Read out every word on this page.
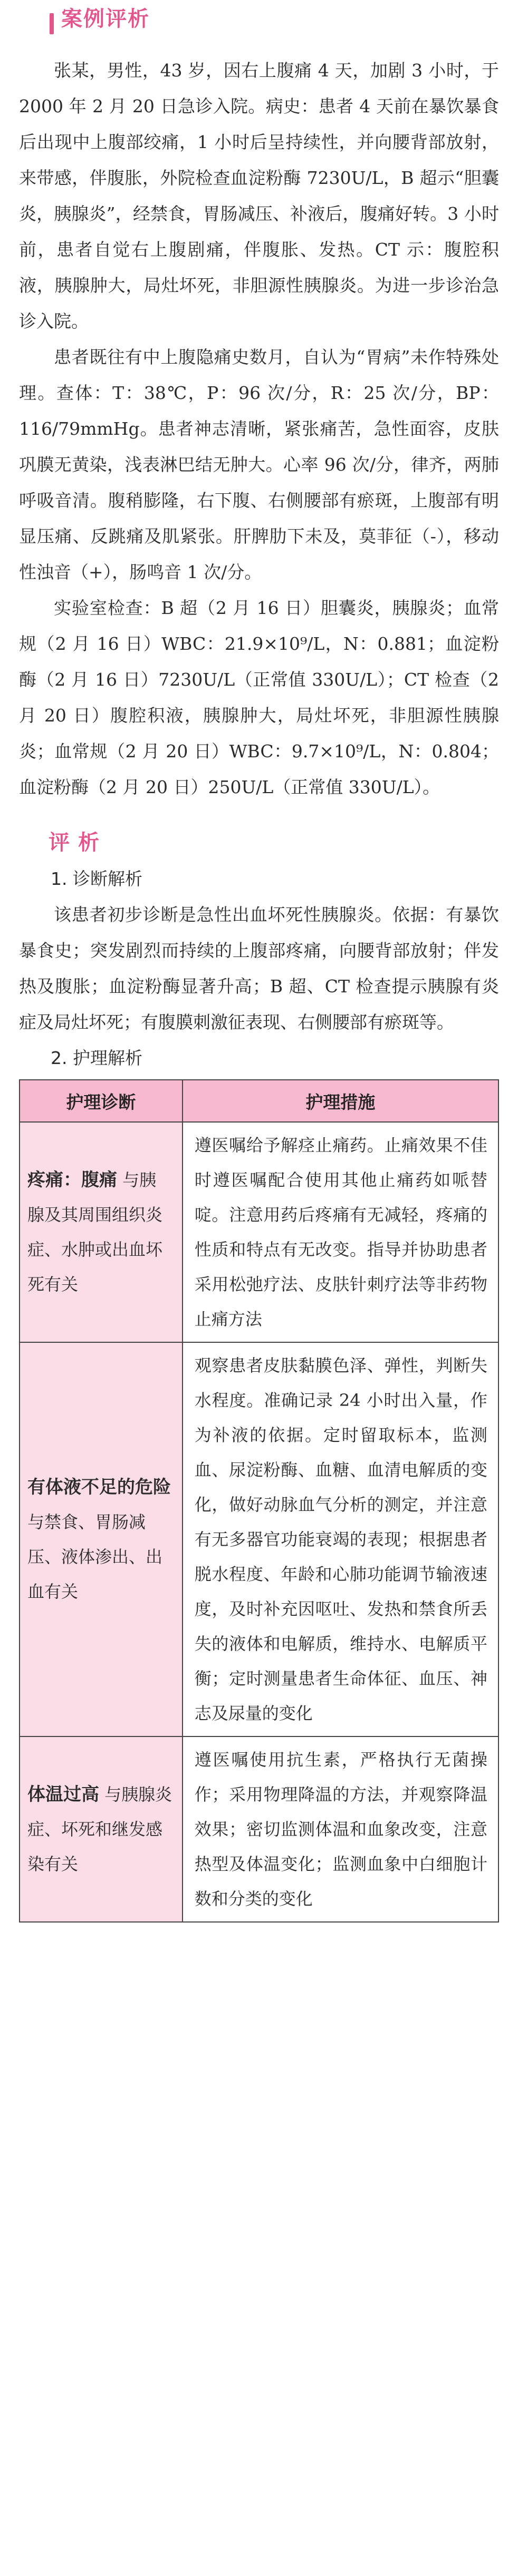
案例评析

张某，男性，43 岁，因右上腹痛 4 天，加剧 3 小时，于 2000 年 2 月 20 日急诊入院。病史：患者 4 天前在暴饮暴食后出现中上腹部绞痛，1 小时后呈持续性，并向腰背部放射，来带感，伴腹胀，外院检查血淀粉酶 7230U/L，B 超示“胆囊炎，胰腺炎”，经禁食，胃肠减压、补液后，腹痛好转。3 小时前，患者自觉右上腹剧痛，伴腹胀、发热。CT 示：腹腔积液，胰腺肿大，局灶坏死，非胆源性胰腺炎。为进一步诊治急诊入院。

患者既往有中上腹隐痛史数月，自认为“胃病”未作特殊处理。查体：T：38℃，P：96 次/分，R：25 次/分，BP：116/79mmHg。患者神志清晰，紧张痛苦，急性面容，皮肤巩膜无黄染，浅表淋巴结无肿大。心率 96 次/分，律齐，两肺呼吸音清。腹稍膨隆，右下腹、右侧腰部有瘀斑，上腹部有明显压痛、反跳痛及肌紧张。肝脾肋下未及，莫菲征（-），移动性浊音（+），肠鸣音 1 次/分。

实验室检查：B 超（2 月 16 日）胆囊炎，胰腺炎；血常规（2 月 16 日）WBC：21.9×10⁹/L，N：0.881；血淀粉酶（2 月 16 日）7230U/L（正常值 330U/L）；CT 检查（2 月 20 日）腹腔积液，胰腺肿大，局灶坏死，非胆源性胰腺炎；血常规（2 月 20 日）WBC：9.7×10⁹/L，N：0.804；血淀粉酶（2 月 20 日）250U/L（正常值 330U/L）。

评析
1. 诊断解析

该患者初步诊断是急性出血坏死性胰腺炎。依据：有暴饮暴食史；突发剧烈而持续的上腹部疼痛，向腰背部放射；伴发热及腹胀；血淀粉酶显著升高；B 超、CT 检查提示胰腺有炎症及局灶坏死；有腹膜刺激征表现、右侧腰部有瘀斑等。

2. 护理解析
护理诊断	护理措施
疼痛：腹痛 与胰腺及其周围组织炎症、水肿或出血坏死有关	遵医嘱给予解痉止痛药。止痛效果不佳时遵医嘱配合使用其他止痛药如哌替啶。注意用药后疼痛有无减轻，疼痛的性质和特点有无改变。指导并协助患者采用松弛疗法、皮肤针刺疗法等非药物止痛方法
有体液不足的危险 与禁食、胃肠减压、液体渗出、出血有关	观察患者皮肤黏膜色泽、弹性，判断失水程度。准确记录 24 小时出入量，作为补液的依据。定时留取标本，监测血、尿淀粉酶、血糖、血清电解质的变化，做好动脉血气分析的测定，并注意有无多器官功能衰竭的表现；根据患者脱水程度、年龄和心肺功能调节输液速度，及时补充因呕吐、发热和禁食所丢失的液体和电解质，维持水、电解质平衡；定时测量患者生命体征、血压、神志及尿量的变化
体温过高 与胰腺炎症、坏死和继发感染有关	遵医嘱使用抗生素，严格执行无菌操作；采用物理降温的方法，并观察降温效果；密切监测体温和血象改变，注意热型及体温变化；监测血象中白细胞计数和分类的变化
